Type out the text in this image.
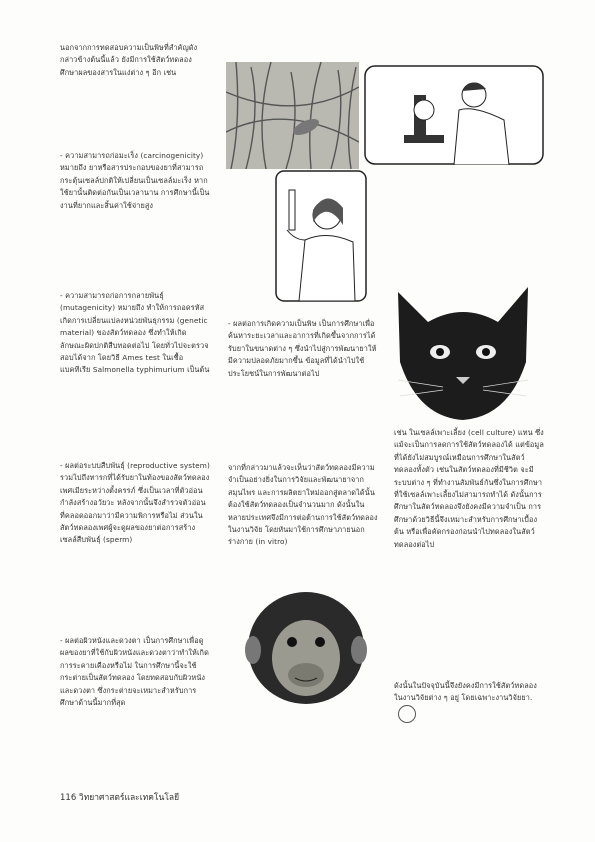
นอกจากการทดสอบความเป็นพิษที่สำคัญดังกล่าวข้างต้นนี้แล้ว ยังมีการใช้สัตว์ทดลองศึกษาผลของสารในแง่ต่าง ๆ อีก เช่น

- ความสามารถก่อมะเร็ง (carcinogenicity) หมายถึง ยาหรือสารประกอบของยาที่สามารถกระตุ้นเซลล์ปกติให้เปลี่ยนเป็นเซลล์มะเร็ง หากใช้ยานั้นติดต่อกันเป็นเวลานาน การศึกษานี้เป็นงานที่ยากและสิ้นค่าใช้จ่ายสูง

- ความสามารถก่อการกลายพันธุ์ (mutagenicity) หมายถึง ทำให้การถอดรหัสเกิดการเปลี่ยนแปลงหน่วยพันธุกรรม (genetic material) ของสัตว์ทดลอง ซึ่งทำให้เกิดลักษณะผิดปกติสืบทอดต่อไป โดยทั่วไปจะตรวจสอบได้จาก โดยวิธี Ames test ในเชื้อแบคทีเรีย Salmonella typhimurium เป็นต้น

- ผลต่อระบบสืบพันธุ์ (reproductive system) รวมไปถึงทารกที่ได้รับยาในท้องของสัตว์ทดลองเพศเมียระหว่างตั้งครรภ์ ซึ่งเป็นเวลาที่ตัวอ่อนกำลังสร้างอวัยวะ หลังจากนั้นจึงสำรวจตัวอ่อนที่คลอดออกมาว่ามีความพิการหรือไม่ ส่วนในสัตว์ทดลองเพศผู้จะดูผลของยาต่อการสร้างเซลล์สืบพันธุ์ (sperm)

- ผลต่อผิวหนังและดวงตา เป็นการศึกษาเพื่อดูผลของยาที่ใช้กับผิวหนังและดวงตาว่าทำให้เกิดการระคายเคืองหรือไม่ ในการศึกษานี้จะใช้กระต่ายเป็นสัตว์ทดลอง โดยทดสอบกับผิวหนังและดวงตา ซึ่งกระต่ายจะเหมาะสำหรับการศึกษาด้านนี้มากที่สุด

- ผลต่อการเกิดความเป็นพิษ เป็นการศึกษาเพื่อค้นหาระยะเวลาและอาการที่เกิดขึ้นจากการได้รับยาในขนาดต่าง ๆ ซึ่งนำไปสู่การพัฒนายาให้มีความปลอดภัยมากขึ้น ข้อมูลที่ได้นำไปใช้ประโยชน์ในการพัฒนาต่อไป

จากที่กล่าวมาแล้วจะเห็นว่าสัตว์ทดลองมีความจำเป็นอย่างยิ่งในการวิจัยและพัฒนายาจากสมุนไพร และการผลิตยาใหม่ออกสู่ตลาดได้นั้น ต้องใช้สัตว์ทดลองเป็นจำนวนมาก ดังนั้นในหลายประเทศจึงมีการต่อต้านการใช้สัตว์ทดลองในงานวิจัย โดยหันมาใช้การศึกษาภายนอกร่างกาย (in vitro)

เช่น ในเซลล์เพาะเลี้ยง (cell culture) แทน ซึ่งแม้จะเป็นการลดการใช้สัตว์ทดลองได้ แต่ข้อมูลที่ได้ยังไม่สมบูรณ์เหมือนการศึกษาในสัตว์ทดลองทั้งตัว เช่นในสัตว์ทดลองที่มีชีวิต จะมีระบบต่าง ๆ ที่ทำงานสัมพันธ์กันซึ่งในการศึกษาที่ใช้เซลล์เพาะเลี้ยงไม่สามารถทำได้ ดังนั้นการศึกษาในสัตว์ทดลองจึงยังคงมีความจำเป็น การศึกษาด้วยวิธีนี้จึงเหมาะสำหรับการศึกษาเบื้องต้น หรือเพื่อคัดกรองก่อนนำไปทดลองในสัตว์ทดลองต่อไป

ดังนั้นในปัจจุบันนี้จึงยังคงมีการใช้สัตว์ทดลองในงานวิจัยต่าง ๆ อยู่ โดยเฉพาะงานวิจัยยา.

116 วิทยาศาสตร์และเทคโนโลยี
